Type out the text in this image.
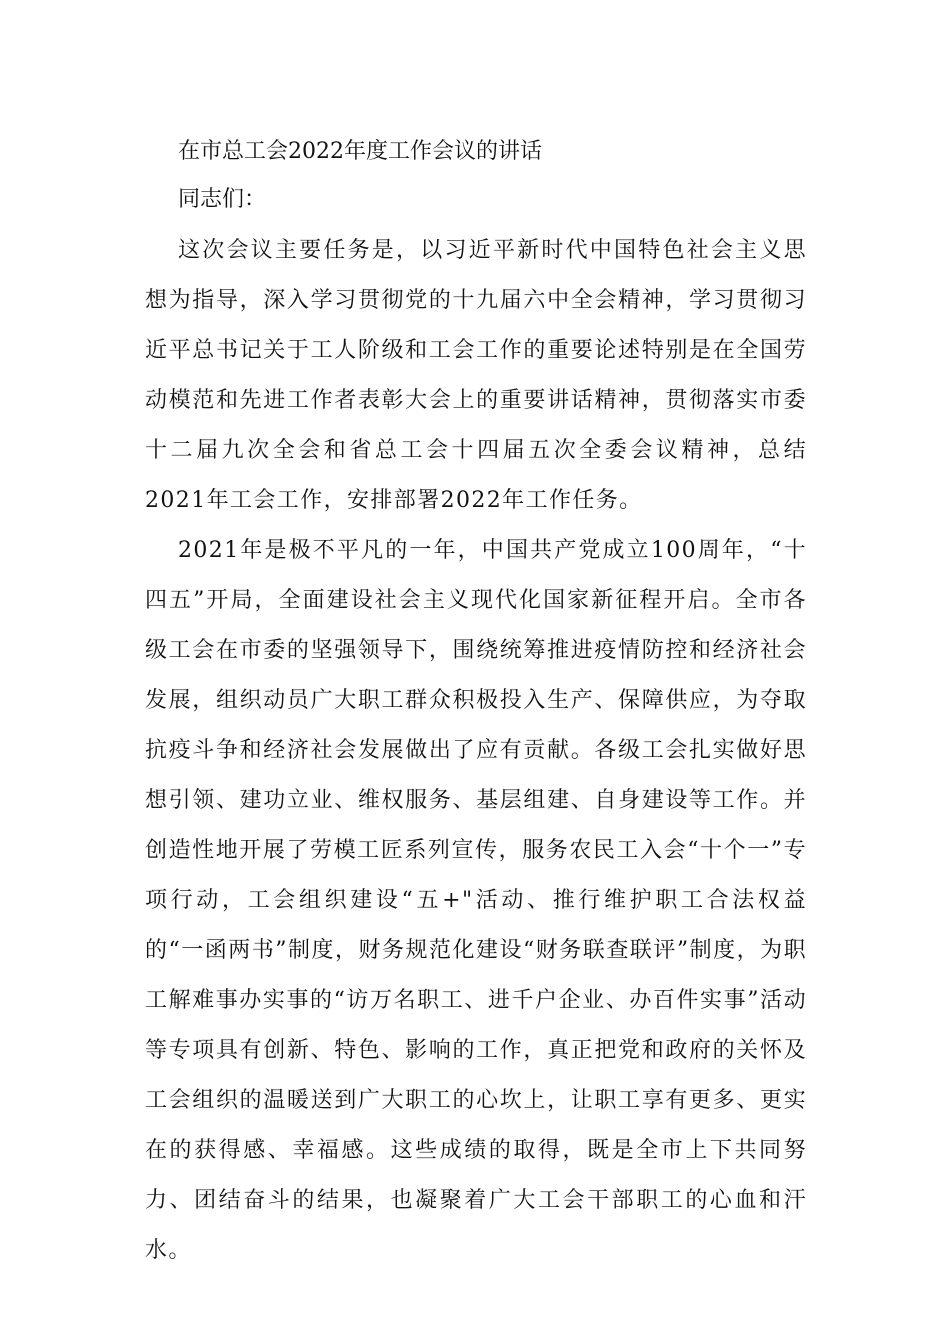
在市总工会2022年度工作会议的讲话

同志们：

这次会议主要任务是，以习近平新时代中国特色社会主义思想为指导，深入学习贯彻党的十九届六中全会精神，学习贯彻习近平总书记关于工人阶级和工会工作的重要论述特别是在全国劳动模范和先进工作者表彰大会上的重要讲话精神，贯彻落实市委十二届九次全会和省总工会十四届五次全委会议精神，总结2021年工会工作，安排部署2022年工作任务。

2021年是极不平凡的一年，中国共产党成立100周年，“十四五”开局，全面建设社会主义现代化国家新征程开启。全市各级工会在市委的坚强领导下，围绕统筹推进疫情防控和经济社会发展，组织动员广大职工群众积极投入生产、保障供应，为夺取抗疫斗争和经济社会发展做出了应有贡献。各级工会扎实做好思想引领、建功立业、维权服务、基层组建、自身建设等工作。并创造性地开展了劳模工匠系列宣传，服务农民工入会“十个一”专项行动，工会组织建设“五+"活动、推行维护职工合法权益的“一函两书”制度，财务规范化建设“财务联查联评”制度，为职工解难事办实事的“访万名职工、进千户企业、办百件实事”活动等专项具有创新、特色、影响的工作，真正把党和政府的关怀及工会组织的温暖送到广大职工的心坎上，让职工享有更多、更实在的获得感、幸福感。这些成绩的取得，既是全市上下共同努力、团结奋斗的结果，也凝聚着广大工会干部职工的心血和汗水。
